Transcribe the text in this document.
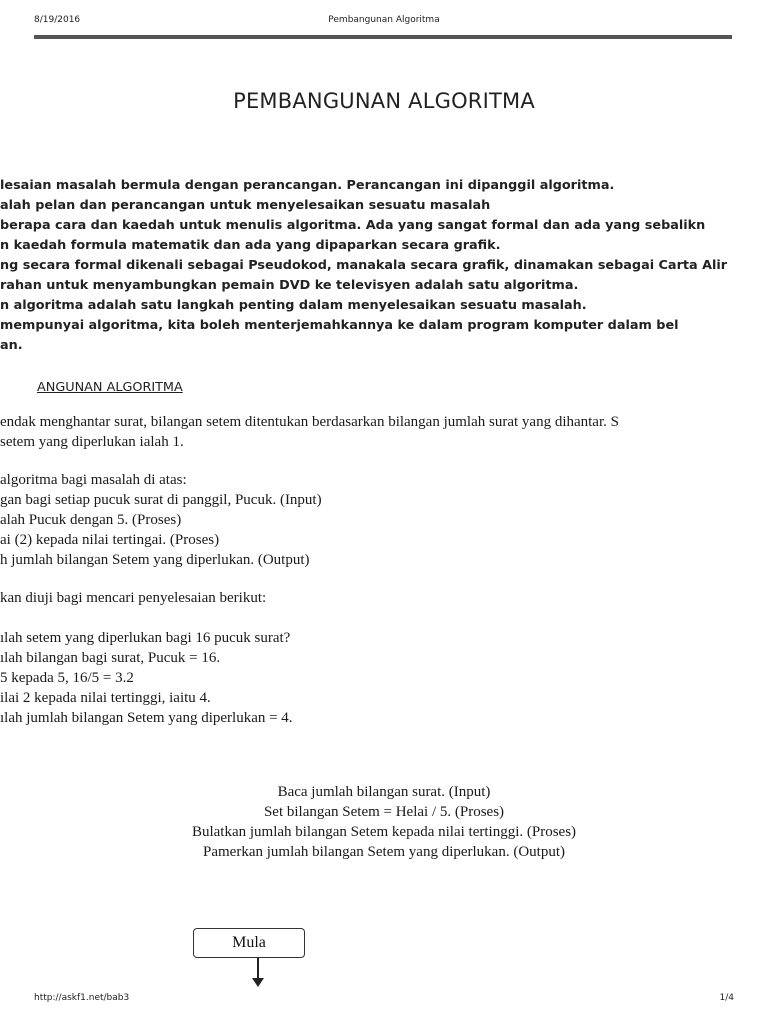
8/19/2016	Pembangunan Algoritma
PEMBANGUNAN ALGORITMA
lesaian masalah bermula dengan perancangan. Perancangan ini dipanggil algoritma.
alah pelan dan perancangan untuk menyelesaikan sesuatu masalah
berapa cara dan kaedah untuk menulis algoritma. Ada yang sangat formal dan ada yang sebalikn
n kaedah formula matematik dan ada yang dipaparkan secara grafik.
ng secara formal dikenali sebagai Pseudokod, manakala secara grafik, dinamakan sebagai Carta Alir
rahan untuk menyambungkan pemain DVD ke televisyen adalah satu algoritma.
n algoritma adalah satu langkah penting dalam menyelesaikan sesuatu masalah.
mempunyai algoritma, kita boleh menterjemahkannya ke dalam program komputer dalam bel
an.
ANGUNAN ALGORITMA
endak menghantar surat, bilangan setem ditentukan berdasarkan bilangan jumlah surat yang dihantar. S
setem yang diperlukan ialah 1.
algoritma bagi masalah di atas:
gan bagi setiap pucuk surat di panggil, Pucuk. (Input)
alah Pucuk dengan 5. (Proses)
ai (2) kepada nilai tertingai. (Proses)
h jumlah bilangan Setem yang diperlukan. (Output)
kan diuji bagi mencari penyelesaian berikut:
ılah setem yang diperlukan bagi 16 pucuk surat?
ılah bilangan bagi surat, Pucuk = 16.
5 kepada 5, 16/5 = 3.2
ilai 2 kepada nilai tertinggi, iaitu 4.
ılah jumlah bilangan Setem yang diperlukan = 4.
Baca jumlah bilangan surat. (Input)
Set bilangan Setem = Helai / 5. (Proses)
Bulatkan jumlah bilangan Setem kepada nilai tertinggi. (Proses)
Pamerkan jumlah bilangan Setem yang diperlukan. (Output)
Mula
http://askf1.net/bab3	1/4
